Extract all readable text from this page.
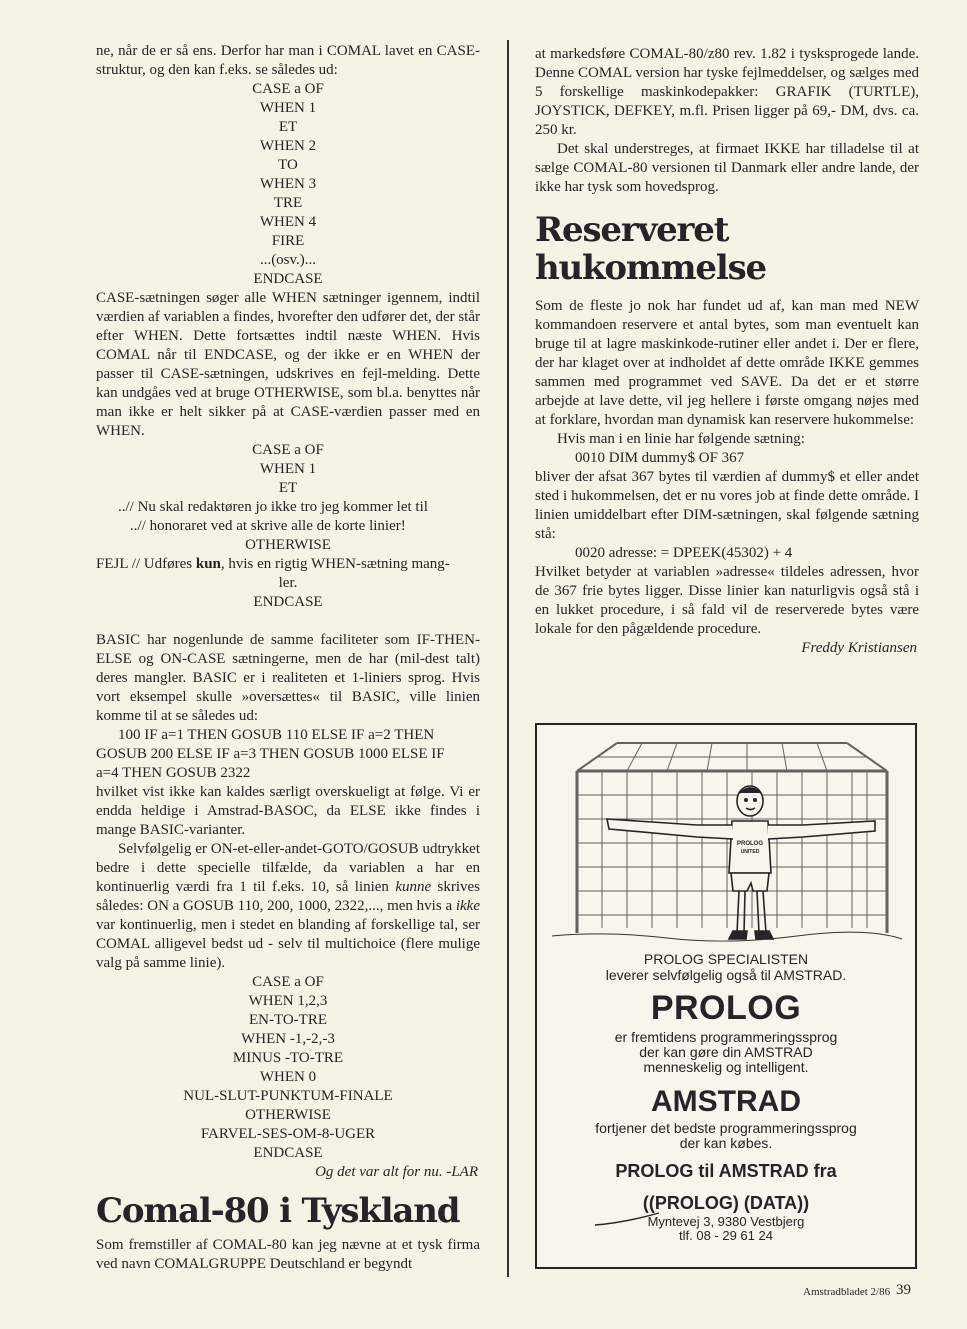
ne, når de er så ens. Derfor har man i COMAL lavet en CASE-struktur, og den kan f.eks. se således ud:

CASE a OF

WHEN 1

ET

WHEN 2

TO

WHEN 3

TRE

WHEN 4

FIRE

...(osv.)...

ENDCASE

CASE-sætningen søger alle WHEN sætninger igennem, indtil værdien af variablen a findes, hvorefter den udfører det, der står efter WHEN. Dette fortsættes indtil næste WHEN. Hvis COMAL når til ENDCASE, og der ikke er en WHEN der passer til CASE-sætningen, udskrives en fejl-melding. Dette kan undgåes ved at bruge OTHERWISE, som bl.a. benyttes når man ikke er helt sikker på at CASE-værdien passer med en WHEN.

CASE a OF

WHEN 1

ET

..// Nu skal redaktøren jo ikke tro jeg kommer let til

..// honoraret ved at skrive alle de korte linier!

OTHERWISE

FEJL // Udføres kun, hvis en rigtig WHEN-sætning mang-

ler.

ENDCASE

BASIC har nogenlunde de samme faciliteter som IF-THEN-ELSE og ON-CASE sætningerne, men de har (mil-dest talt) deres mangler. BASIC er i realiteten et 1-liniers sprog. Hvis vort eksempel skulle »oversættes« til BASIC, ville linien komme til at se således ud:

100 IF a=1 THEN GOSUB 110 ELSE IF a=2 THEN

GOSUB 200 ELSE IF a=3 THEN GOSUB 1000 ELSE IF

a=4 THEN GOSUB 2322

hvilket vist ikke kan kaldes særligt overskueligt at følge. Vi er endda heldige i Amstrad-BASOC, da ELSE ikke findes i mange BASIC-varianter.

Selvfølgelig er ON-et-eller-andet-GOTO/GOSUB udtrykket bedre i dette specielle tilfælde, da variablen a har en kontinuerlig værdi fra 1 til f.eks. 10, så linien kunne skrives således: ON a GOSUB 110, 200, 1000, 2322,..., men hvis a ikke var kontinuerlig, men i stedet en blanding af forskellige tal, ser COMAL alligevel bedst ud - selv til multichoice (flere mulige valg på samme linie).

CASE a OF

WHEN 1,2,3

EN-TO-TRE

WHEN -1,-2,-3

MINUS -TO-TRE

WHEN 0

NUL-SLUT-PUNKTUM-FINALE

OTHERWISE

FARVEL-SES-OM-8-UGER

ENDCASE

Og det var alt for nu. -LAR

Comal-80 i Tyskland

Som fremstiller af COMAL-80 kan jeg nævne at et tysk firma ved navn COMALGRUPPE Deutschland er begyndt

at markedsføre COMAL-80/z80 rev. 1.82 i tysksprogede lande. Denne COMAL version har tyske fejlmeddelser, og sælges med 5 forskellige maskinkodepakker: GRAFIK (TURTLE), JOYSTICK, DEFKEY, m.fl. Prisen ligger på 69,- DM, dvs. ca. 250 kr.

Det skal understreges, at firmaet IKKE har tilladelse til at sælge COMAL-80 versionen til Danmark eller andre lande, der ikke har tysk som hovedsprog.

Reserveret
hukommelse

Som de fleste jo nok har fundet ud af, kan man med NEW kommandoen reservere et antal bytes, som man eventuelt kan bruge til at lagre maskinkode-rutiner eller andet i. Der er flere, der har klaget over at indholdet af dette område IKKE gemmes sammen med programmet ved SAVE. Da det er et større arbejde at lave dette, vil jeg hellere i første omgang nøjes med at forklare, hvordan man dynamisk kan reservere hukommelse:

Hvis man i en linie har følgende sætning:

0010 DIM dummy$ OF 367

bliver der afsat 367 bytes til værdien af dummy$ et eller andet sted i hukommelsen, det er nu vores job at finde dette område. I linien umiddelbart efter DIM-sætningen, skal følgende sætning stå:

0020 adresse: = DPEEK(45302) + 4

Hvilket betyder at variablen »adresse« tildeles adressen, hvor de 367 frie bytes ligger. Disse linier kan naturligvis også stå i en lukket procedure, i så fald vil de reserverede bytes være lokale for den pågældende procedure.

Freddy Kristiansen

PROLOG
UNITED
PROLOG SPECIALISTEN
leverer selvfølgelig også til AMSTRAD.
PROLOG
er fremtidens programmeringssprog
der kan gøre din AMSTRAD
menneskelig og intelligent.
AMSTRAD
fortjener det bedste programmeringssprog
der kan købes.
PROLOG til AMSTRAD fra
((PROLOG) (DATA))
Myntevej 3, 9380 Vestbjerg
tlf. 08 - 29 61 24
Amstradbladet 2/86 39
